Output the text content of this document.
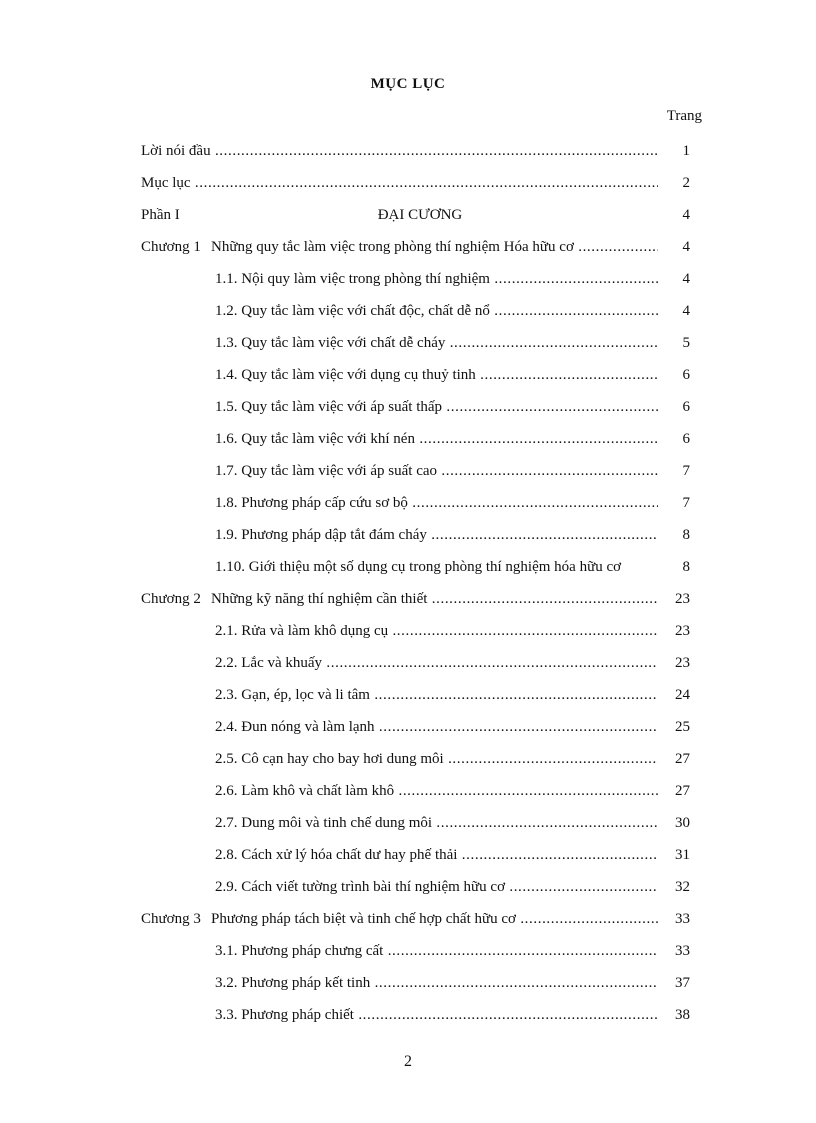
MỤC LỤC
Trang
Lời nói đầu .....	1
Mục lục .....	2
Phần I	ĐẠI CƯƠNG	4
Chương 1 Những quy tắc làm việc trong phòng thí nghiệm Hóa hữu cơ .....	4
1.1. Nội quy làm việc trong phòng thí nghiệm .....	4
1.2. Quy tắc làm việc với chất độc, chất dễ nổ .....	4
1.3. Quy tắc làm việc với chất dễ cháy .....	5
1.4. Quy tắc làm việc với dụng cụ thuỷ tinh .....	6
1.5. Quy tắc làm việc với áp suất thấp .....	6
1.6. Quy tắc làm việc với khí nén .....	6
1.7. Quy tắc làm việc với áp suất cao .....	7
1.8. Phương pháp cấp cứu sơ bộ .....	7
1.9. Phương pháp dập tắt đám cháy .....	8
1.10. Giới thiệu một số dụng cụ trong phòng thí nghiệm hóa hữu cơ	8
Chương 2 Những kỹ năng thí nghiệm cần thiết .....	23
2.1. Rửa và làm khô dụng cụ .....	23
2.2. Lắc và khuấy .....	23
2.3. Gạn, ép, lọc và li tâm .....	24
2.4. Đun nóng và làm lạnh .....	25
2.5. Cô cạn hay cho bay hơi dung môi .....	27
2.6. Làm khô và chất làm khô .....	27
2.7. Dung môi và tinh chế dung môi .....	30
2.8. Cách xử lý hóa chất dư hay phế thải .....	31
2.9. Cách viết tường trình bài thí nghiệm hữu cơ .....	32
Chương 3 Phương pháp tách biệt và tinh chế hợp chất hữu cơ .....	33
3.1. Phương pháp chưng cất .....	33
3.2. Phương pháp kết tinh .....	37
3.3. Phương pháp chiết .....	38
2
